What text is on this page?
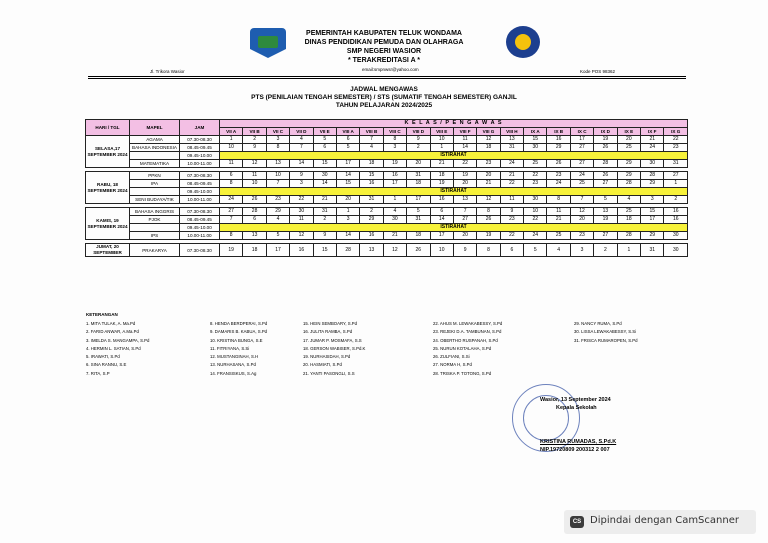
PEMERINTAH KABUPATEN TELUK WONDAMA
DINAS PENDIDIKAN PEMUDA DAN OLAHRAGA
SMP NEGERI WASIOR
* TERAKREDITASI A *
Jl. Trikora Wasior	email:smpnwsr@yahoo.com	Kode POS 98362
JADWAL MENGAWAS
PTS (PENILAIAN TENGAH SEMESTER) / STS (SUMATIF TENGAH SEMESTER) GANJIL
TAHUN PELAJARAN 2024/2025
HARI / TGL	MAPEL	JAM	K E L A S / P E N G A W A S																			
			VII A	VII B	VII C	VII D	VII E	VIII A	VIII B	VIII C	VIII D	VIII E	VIII F	VIII G	VIII H	IX A	IX B	IX C	IX D	IX E	IX F	IX G
SELASA,17 SEPTEMBER 2024	AGAMA	07.30-08.30	1	2	3	4	5	6	7	8	9	10	11	12	13	15	16	17	19	20	21	22
	BAHASA INDONESIA	08.45-09.45	10	9	8	7	6	5	4	3	2	1	14	18	31	30	29	27	26	25	24	23
		09.45-10.00	ISTIRAHAT																			
	MATEMATIKA	10.00-11.00	11	12	13	14	15	17	18	19	20	21	22	23	24	25	26	27	28	29	30	31

RABU, 18 SEPTEMBER 2024	PPKN	07.30-08.30	6	11	10	9	30	14	15	16	31	18	19	20	21	22	23	24	26	29	28	27
	IPA	08.45-09.45	8	10	7	3	14	15	16	17	18	19	20	21	22	23	24	25	27	28	29	1
		09.45-10.00	ISTIRAHAT																			
	SENI BUDAYA/TIK	10.00-11.00	24	26	23	22	21	20	31	1	17	16	13	12	11	30	8	7	5	4	3	2

KAMIS, 19 SEPTEMBER 2024	BAHASA INGGRIS	07.30-08.30	27	28	29	30	31	1	2	4	5	6	7	8	9	10	11	12	13	25	15	16
	PJOK	08.45-09.45	7	6	4	11	2	3	29	30	31	14	27	26	23	22	21	20	19	18	17	16
		09.45-10.00	ISTIRAHAT																			
	IPS	10.00-11.00	8	13	5	12	9	14	16	21	18	17	20	19	22	24	25	23	27	28	29	30

JUMAT, 20 SEPTEMBER	PRAKARYA	07.30-08.30	19	18	17	16	15	28	13	12	26	10	9	8	6	5	4	3	2	1	31	30
KETERANGAN
1. MITA TULAK, A. Ma.Pd
2. FARID ANWAR, A.Ma.Pd
3. IMELDA S. MANGAMPA, S.Pd
4. HERMIN L. SATIAN, S.Pd
5. IRAWATI, S.Pd
6. SINA RANNU, S.E
7. RITA, S.P
8. HENDA BERDPERAI, S.Pd
9. DAMARIS B. KABUA, S.Pd
10. KRISTINA BUNGA, S.E
11. FITRIYANA, S.Si
12. MUSTANGINAH, S.H
13. NURHASANA, S.Pd
14. FRANSISKUS, S.Ag
15. HEIN SEMBOARY, S.Pd
16. JULITA RAMBA, S.Pd
17. JUMAR P. MOSMAFA, S.S
18. GERSON WABISER, S.Pd.K
19. NURHASIDAH, S.Pd
20. HASMIATI, S.Pd
21. YANTI PASONGLI, S.S
22. AHUS M. LEWAKABESSY, S.Pd
23. REJEKI D.A. TAMBUNAN, S.Pd
24. OBERTHO RUSPANAH, S.Pd
25. NURUN KOTALAHA, S.Pd
26. ZULFIANI, S.Si
27. NORMA H, S.Pd
28. TRISKA P. TOTONG, S.Pd
29. NANCY RUMA, S.Pd
30. LISSA LEWAKABESSY, S.Si
31. FRISCA RUMAROPEN, S.Pd
Wasior, 13 September 2024
Kepala Sekolah
KRISTINA RUMADAS, S.Pd.K
NIP.19720809 200312 2 007
CS Dipindai dengan CamScanner
